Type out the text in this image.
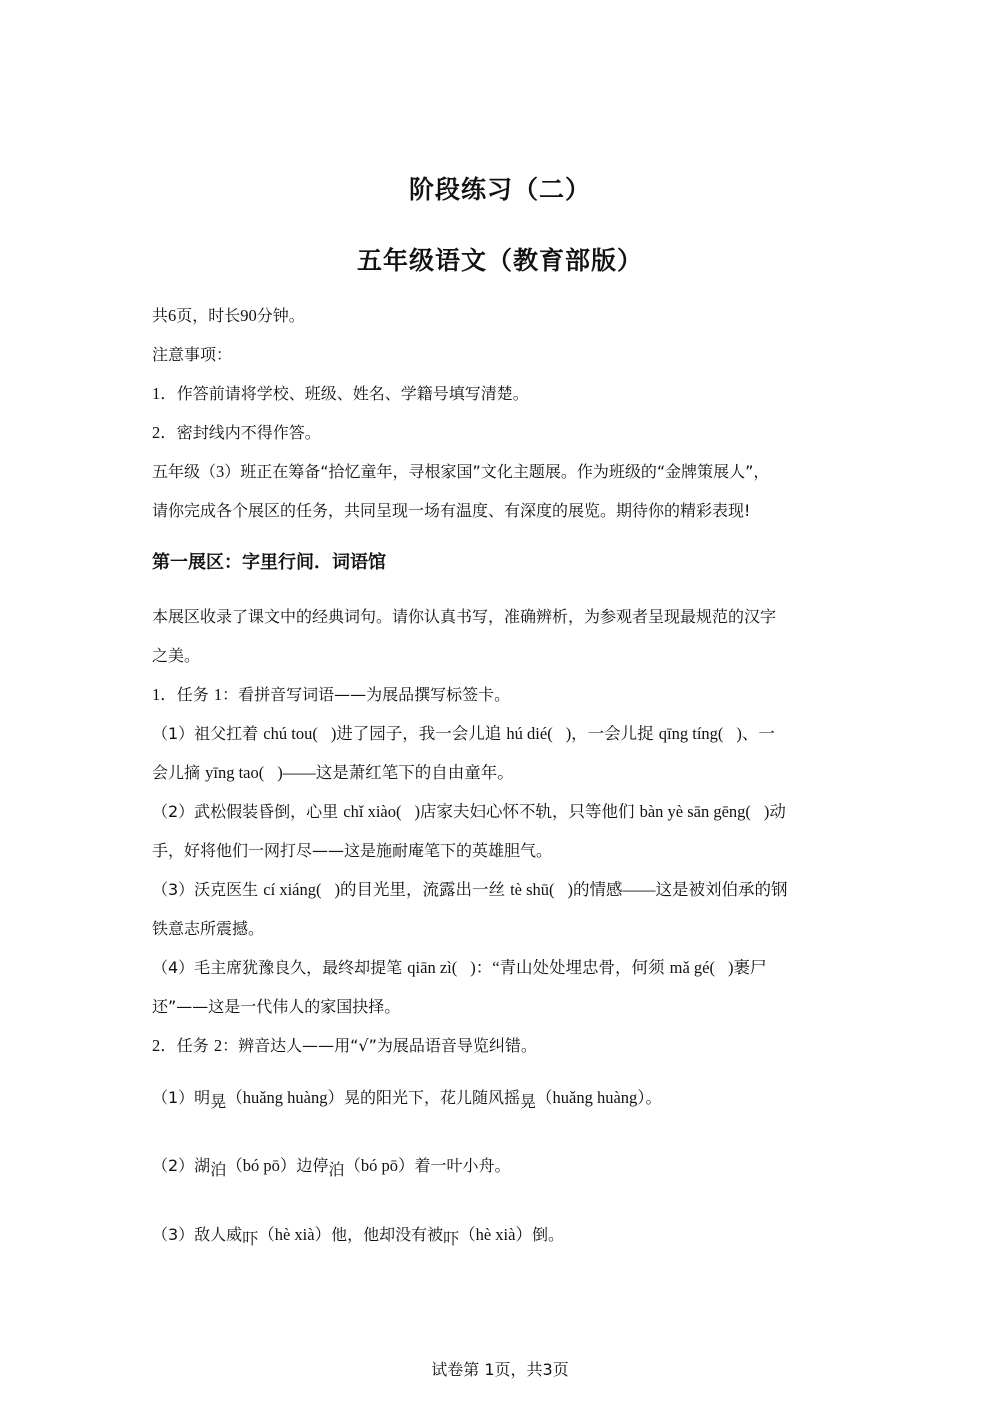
阶段练习（二）
五年级语文（教育部版）
共6页，时长90分钟。
注意事项：
1．作答前请将学校、班级、姓名、学籍号填写清楚。
2．密封线内不得作答。
五年级（3）班正在筹备“拾忆童年，寻根家国”文化主题展。作为班级的“金牌策展人”，
请你完成各个展区的任务，共同呈现一场有温度、有深度的展览。期待你的精彩表现!
第一展区：字里行间．词语馆
本展区收录了课文中的经典词句。请你认真书写，准确辨析，为参观者呈现最规范的汉字
之美。
1．任务 1：看拼音写词语——为展品撰写标签卡。
（1）祖父扛着 chú tou( )进了园子，我一会儿追 hú dié( )，一会儿捉 qīng tíng( )、一
会儿摘 yīng tao( )——这是萧红笔下的自由童年。
（2）武松假装昏倒，心里 chǐ xiào( )店家夫妇心怀不轨，只等他们 bàn yè sān gēng( )动
手，好将他们一网打尽——这是施耐庵笔下的英雄胆气。
（3）沃克医生 cí xiáng( )的目光里，流露出一丝 tè shū( )的情感——这是被刘伯承的钢
铁意志所震撼。
（4）毛主席犹豫良久，最终却提笔 qiān zì( )：“青山处处埋忠骨，何须 mǎ gé( )裹尸
还”——这是一代伟人的家国抉择。
2．任务 2：辨音达人——用“√”为展品语音导览纠错。
（1）明晃（huǎng huàng）晃的阳光下，花儿随风摇晃（huǎng huàng）。
（2）湖泊（bó pō）边停泊（bó pō）着一叶小舟。
（3）敌人威吓（hè xià）他，他却没有被吓（hè xià）倒。
试卷第 1页，共3页
